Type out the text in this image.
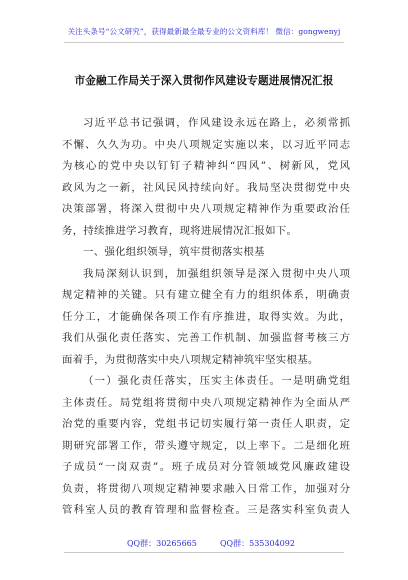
关注头条号“公文研究”，获得最新最全最专业的公文资料库！ 微信：gongwenyj
市金融工作局关于深入贯彻作风建设专题进展情况汇报
习近平总书记强调，作风建设永远在路上，必须常抓
不懈、久久为功。中央八项规定实施以来，以习近平同志
为核心的党中央以钉钉子精神纠“四风”、树新风，党风
政风为之一新，社风民风持续向好。我局坚决贯彻党中央
决策部署，将深入贯彻中央八项规定精神作为重要政治任
务，持续推进学习教育，现将进展情况汇报如下。
一、强化组织领导，筑牢贯彻落实根基
我局深刻认识到，加强组织领导是深入贯彻中央八项
规定精神的关键。只有建立健全有力的组织体系，明确责
任分工，才能确保各项工作有序推进，取得实效。为此，
我们从强化责任落实、完善工作机制、加强监督考核三方
面着手，为贯彻落实中央八项规定精神筑牢坚实根基。
（一）强化责任落实，压实主体责任。一是明确党组
主体责任。局党组将贯彻中央八项规定精神作为全面从严
治党的重要内容，党组书记切实履行第一责任人职责，定
期研究部署工作，带头遵守规定，以上率下。二是细化班
子成员“一岗双责”。班子成员对分管领域党风廉政建设
负责，将贯彻八项规定精神要求融入日常工作，加强对分
管科室人员的教育管理和监督检查。三是落实科室负责人
QQ群：30265665	QQ群：535304092
